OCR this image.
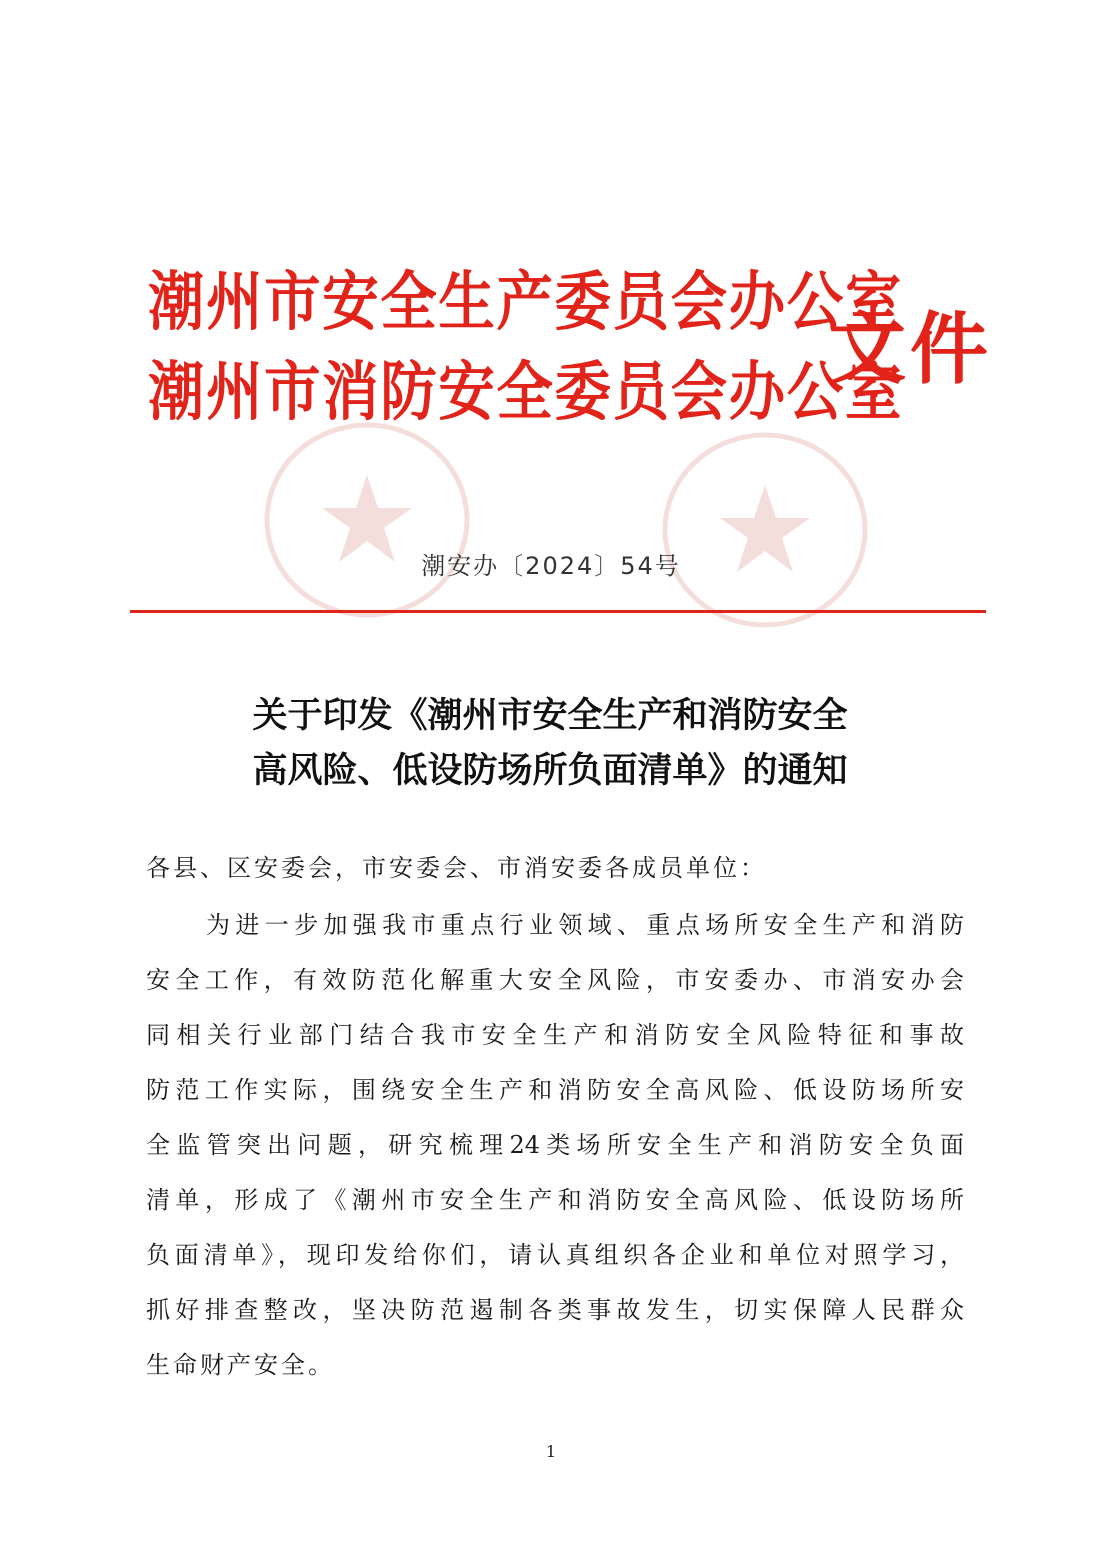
潮州市安全生产委员会办公室
潮州市消防安全委员会办公室
文件
潮安办〔2024〕54号
关于印发《潮州市安全生产和消防安全
高风险、低设防场所负面清单》的通知
各县、区安委会，市安委会、市消安委各成员单位：
为进一步加强我市重点行业领域、重点场所安全生产和消防
安全工作，有效防范化解重大安全风险，市安委办、市消安办会
同相关行业部门结合我市安全生产和消防安全风险特征和事故
防范工作实际，围绕安全生产和消防安全高风险、低设防场所安
全监管突出问题，研究梳理24类场所安全生产和消防安全负面
清单，形成了《潮州市安全生产和消防安全高风险、低设防场所
负面清单》，现印发给你们，请认真组织各企业和单位对照学习，
抓好排查整改，坚决防范遏制各类事故发生，切实保障人民群众
生命财产安全。
1
